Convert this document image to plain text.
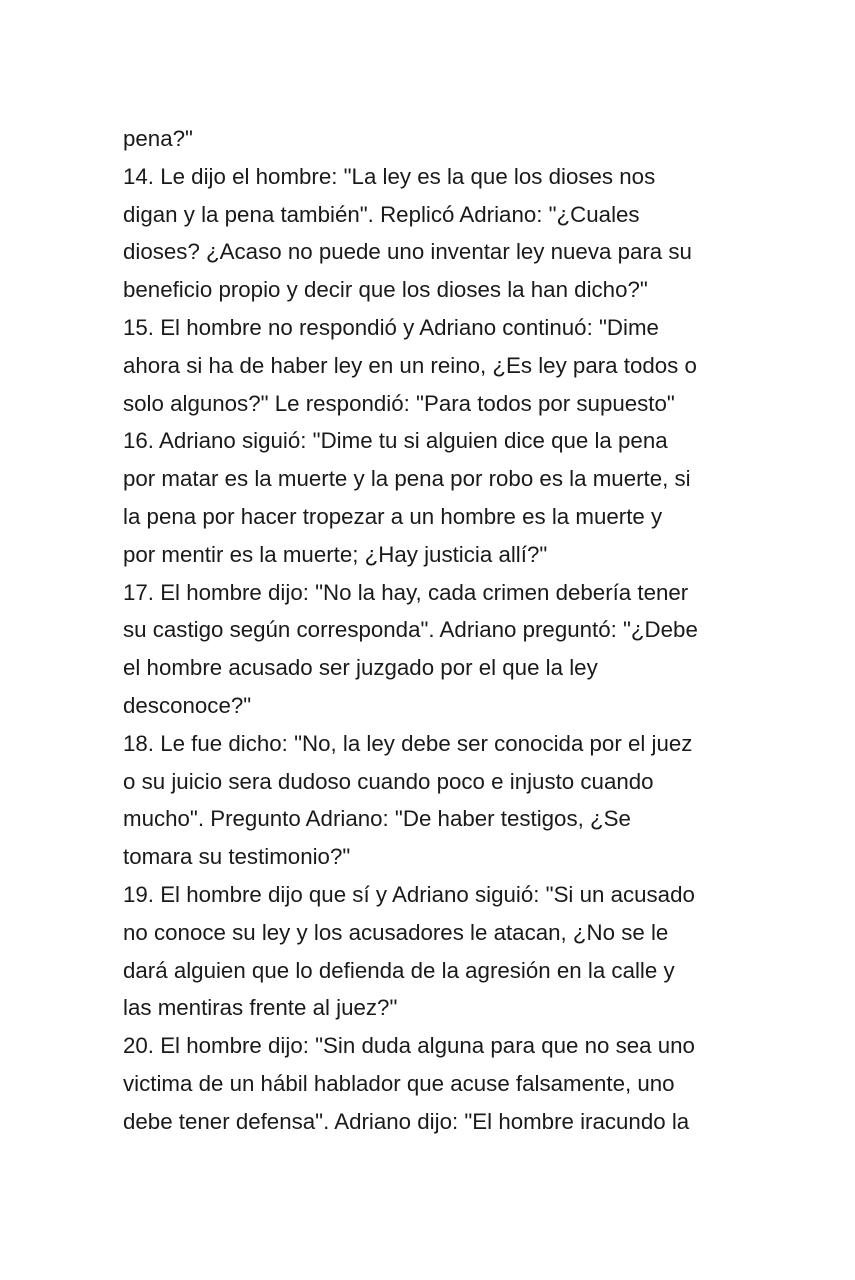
pena?"
14. Le dijo el hombre: "La ley es la que los dioses nos
digan y la pena también". Replicó Adriano: "¿Cuales
dioses? ¿Acaso no puede uno inventar ley nueva para su
beneficio propio y decir que los dioses la han dicho?"
15. El hombre no respondió y Adriano continuó: "Dime
ahora si ha de haber ley en un reino, ¿Es ley para todos o
solo algunos?" Le respondió: "Para todos por supuesto"
16. Adriano siguió: "Dime tu si alguien dice que la pena
por matar es la muerte y la pena por robo es la muerte, si
la pena por hacer tropezar a un hombre es la muerte y
por mentir es la muerte; ¿Hay justicia allí?"
17. El hombre dijo: "No la hay, cada crimen debería tener
su castigo según corresponda". Adriano preguntó: "¿Debe
el hombre acusado ser juzgado por el que la ley
desconoce?"
18. Le fue dicho: "No, la ley debe ser conocida por el juez
o su juicio sera dudoso cuando poco e injusto cuando
mucho". Pregunto Adriano: "De haber testigos, ¿Se
tomara su testimonio?"
19. El hombre dijo que sí y Adriano siguió: "Si un acusado
no conoce su ley y los acusadores le atacan, ¿No se le
dará alguien que lo defienda de la agresión en la calle y
las mentiras frente al juez?"
20. El hombre dijo: "Sin duda alguna para que no sea uno
victima de un hábil hablador que acuse falsamente, uno
debe tener defensa". Adriano dijo: "El hombre iracundo la
